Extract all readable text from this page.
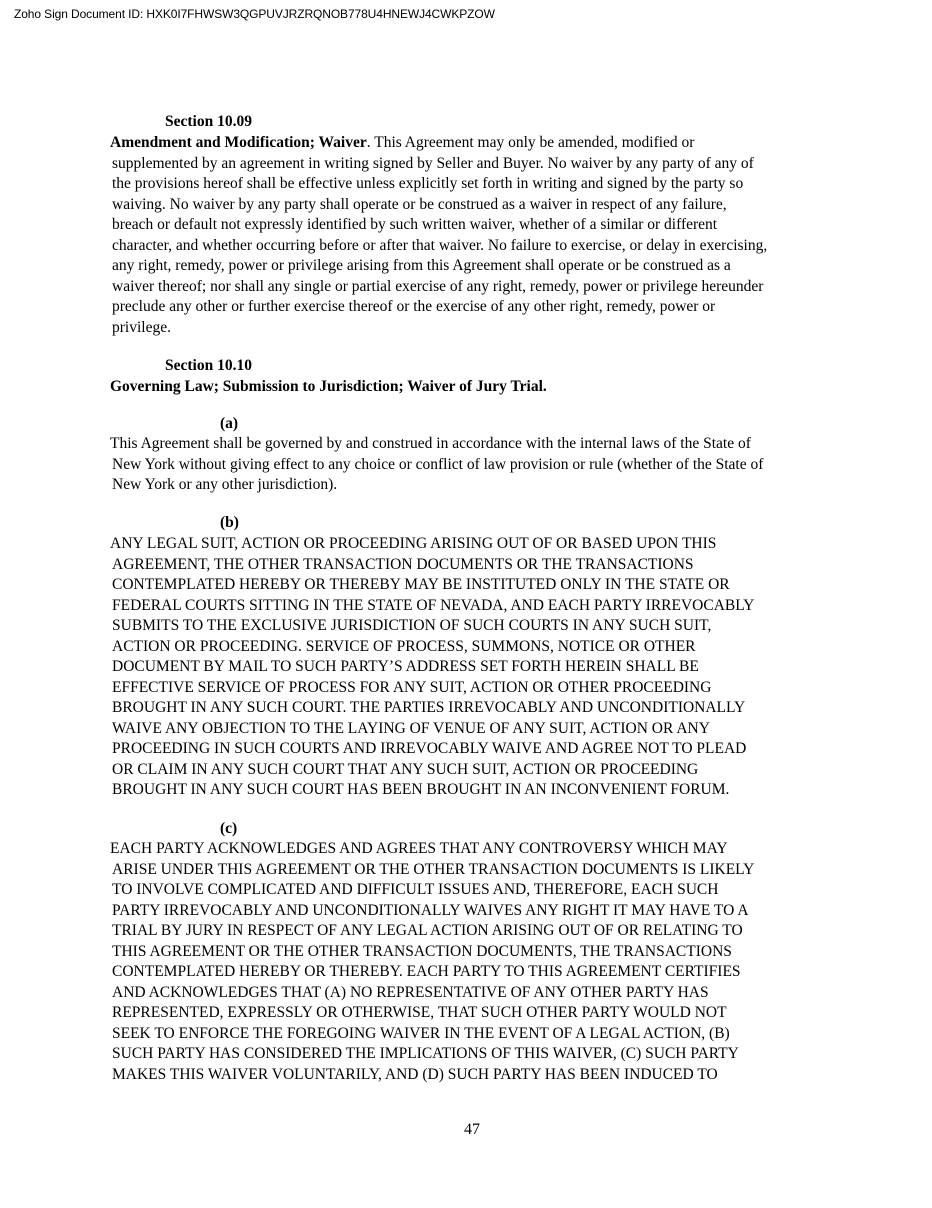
Zoho Sign Document ID: HXK0I7FHWSW3QGPUVJRZRQNOB778U4HNEWJ4CWKPZOW
Section 10.09
Amendment and Modification; Waiver. This Agreement may only be amended, modified or
supplemented by an agreement in writing signed by Seller and Buyer. No waiver by any party of any of
the provisions hereof shall be effective unless explicitly set forth in writing and signed by the party so
waiving. No waiver by any party shall operate or be construed as a waiver in respect of any failure,
breach or default not expressly identified by such written waiver, whether of a similar or different
character, and whether occurring before or after that waiver. No failure to exercise, or delay in exercising,
any right, remedy, power or privilege arising from this Agreement shall operate or be construed as a
waiver thereof; nor shall any single or partial exercise of any right, remedy, power or privilege hereunder
preclude any other or further exercise thereof or the exercise of any other right, remedy, power or
privilege.
Section 10.10
Governing Law; Submission to Jurisdiction; Waiver of Jury Trial.
(a)
This Agreement shall be governed by and construed in accordance with the internal laws of the State of
New York without giving effect to any choice or conflict of law provision or rule (whether of the State of
New York or any other jurisdiction).
(b)
ANY LEGAL SUIT, ACTION OR PROCEEDING ARISING OUT OF OR BASED UPON THIS
AGREEMENT, THE OTHER TRANSACTION DOCUMENTS OR THE TRANSACTIONS
CONTEMPLATED HEREBY OR THEREBY MAY BE INSTITUTED ONLY IN THE STATE OR
FEDERAL COURTS SITTING IN THE STATE OF NEVADA, AND EACH PARTY IRREVOCABLY
SUBMITS TO THE EXCLUSIVE JURISDICTION OF SUCH COURTS IN ANY SUCH SUIT,
ACTION OR PROCEEDING. SERVICE OF PROCESS, SUMMONS, NOTICE OR OTHER
DOCUMENT BY MAIL TO SUCH PARTY’S ADDRESS SET FORTH HEREIN SHALL BE
EFFECTIVE SERVICE OF PROCESS FOR ANY SUIT, ACTION OR OTHER PROCEEDING
BROUGHT IN ANY SUCH COURT. THE PARTIES IRREVOCABLY AND UNCONDITIONALLY
WAIVE ANY OBJECTION TO THE LAYING OF VENUE OF ANY SUIT, ACTION OR ANY
PROCEEDING IN SUCH COURTS AND IRREVOCABLY WAIVE AND AGREE NOT TO PLEAD
OR CLAIM IN ANY SUCH COURT THAT ANY SUCH SUIT, ACTION OR PROCEEDING
BROUGHT IN ANY SUCH COURT HAS BEEN BROUGHT IN AN INCONVENIENT FORUM.
(c)
EACH PARTY ACKNOWLEDGES AND AGREES THAT ANY CONTROVERSY WHICH MAY
ARISE UNDER THIS AGREEMENT OR THE OTHER TRANSACTION DOCUMENTS IS LIKELY
TO INVOLVE COMPLICATED AND DIFFICULT ISSUES AND, THEREFORE, EACH SUCH
PARTY IRREVOCABLY AND UNCONDITIONALLY WAIVES ANY RIGHT IT MAY HAVE TO A
TRIAL BY JURY IN RESPECT OF ANY LEGAL ACTION ARISING OUT OF OR RELATING TO
THIS AGREEMENT OR THE OTHER TRANSACTION DOCUMENTS, THE TRANSACTIONS
CONTEMPLATED HEREBY OR THEREBY. EACH PARTY TO THIS AGREEMENT CERTIFIES
AND ACKNOWLEDGES THAT (A) NO REPRESENTATIVE OF ANY OTHER PARTY HAS
REPRESENTED, EXPRESSLY OR OTHERWISE, THAT SUCH OTHER PARTY WOULD NOT
SEEK TO ENFORCE THE FOREGOING WAIVER IN THE EVENT OF A LEGAL ACTION, (B)
SUCH PARTY HAS CONSIDERED THE IMPLICATIONS OF THIS WAIVER, (C) SUCH PARTY
MAKES THIS WAIVER VOLUNTARILY, AND (D) SUCH PARTY HAS BEEN INDUCED TO
47
